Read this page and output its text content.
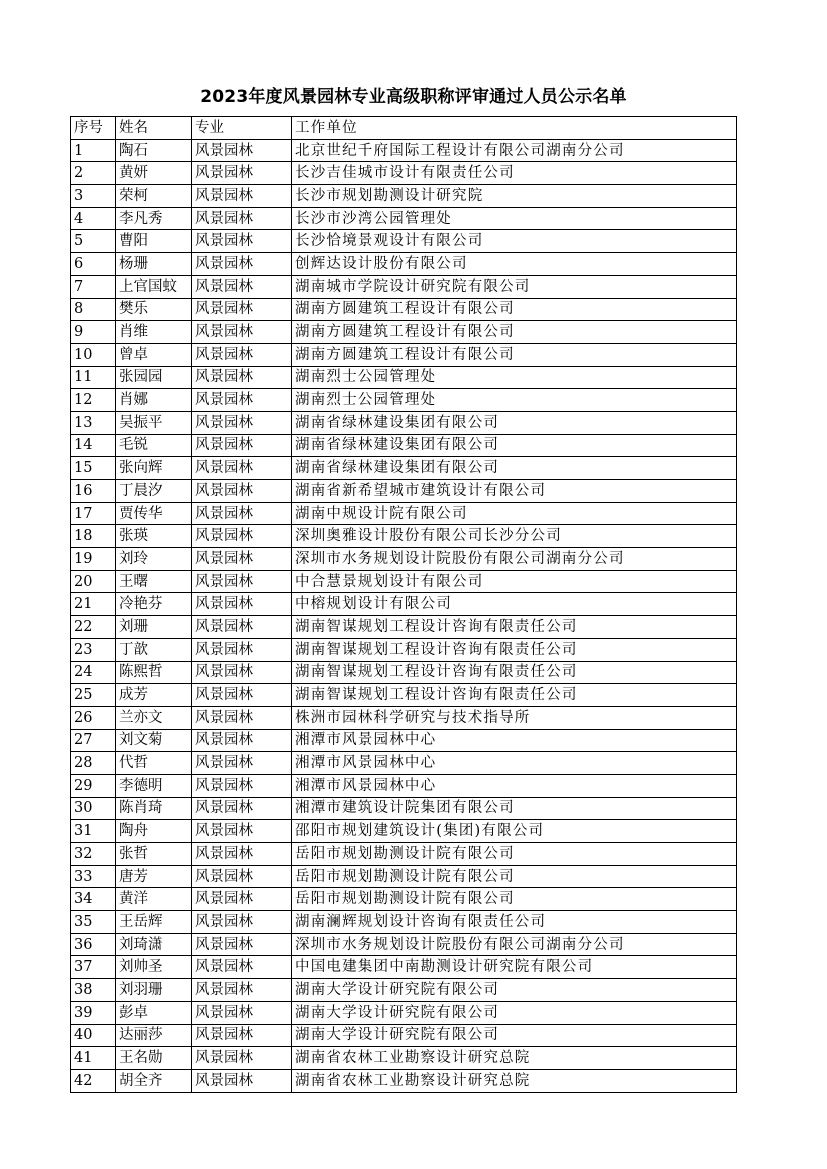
2023年度风景园林专业高级职称评审通过人员公示名单
序号	姓名	专业	工作单位
1	陶石	风景园林	北京世纪千府国际工程设计有限公司湖南分公司
2	黄妍	风景园林	长沙吉佳城市设计有限责任公司
3	荣柯	风景园林	长沙市规划勘测设计研究院
4	李凡秀	风景园林	长沙市沙湾公园管理处
5	曹阳	风景园林	长沙恰境景观设计有限公司
6	杨珊	风景园林	创辉达设计股份有限公司
7	上官国蚊	风景园林	湖南城市学院设计研究院有限公司
8	樊乐	风景园林	湖南方圆建筑工程设计有限公司
9	肖维	风景园林	湖南方圆建筑工程设计有限公司
10	曾卓	风景园林	湖南方圆建筑工程设计有限公司
11	张园园	风景园林	湖南烈士公园管理处
12	肖娜	风景园林	湖南烈士公园管理处
13	吴振平	风景园林	湖南省绿林建设集团有限公司
14	毛锐	风景园林	湖南省绿林建设集团有限公司
15	张向辉	风景园林	湖南省绿林建设集团有限公司
16	丁晨汐	风景园林	湖南省新希望城市建筑设计有限公司
17	贾传华	风景园林	湖南中规设计院有限公司
18	张瑛	风景园林	深圳奥雅设计股份有限公司长沙分公司
19	刘玲	风景园林	深圳市水务规划设计院股份有限公司湖南分公司
20	王曙	风景园林	中合慧景规划设计有限公司
21	冷艳芬	风景园林	中榕规划设计有限公司
22	刘珊	风景园林	湖南智谋规划工程设计咨询有限责任公司
23	丁歆	风景园林	湖南智谋规划工程设计咨询有限责任公司
24	陈熙哲	风景园林	湖南智谋规划工程设计咨询有限责任公司
25	成芳	风景园林	湖南智谋规划工程设计咨询有限责任公司
26	兰亦文	风景园林	株洲市园林科学研究与技术指导所
27	刘文菊	风景园林	湘潭市风景园林中心
28	代哲	风景园林	湘潭市风景园林中心
29	李德明	风景园林	湘潭市风景园林中心
30	陈肖琦	风景园林	湘潭市建筑设计院集团有限公司
31	陶舟	风景园林	邵阳市规划建筑设计(集团)有限公司
32	张哲	风景园林	岳阳市规划勘测设计院有限公司
33	唐芳	风景园林	岳阳市规划勘测设计院有限公司
34	黄洋	风景园林	岳阳市规划勘测设计院有限公司
35	王岳辉	风景园林	湖南澜辉规划设计咨询有限责任公司
36	刘琦潇	风景园林	深圳市水务规划设计院股份有限公司湖南分公司
37	刘帅圣	风景园林	中国电建集团中南勘测设计研究院有限公司
38	刘羽珊	风景园林	湖南大学设计研究院有限公司
39	彭卓	风景园林	湖南大学设计研究院有限公司
40	达丽莎	风景园林	湖南大学设计研究院有限公司
41	王名勋	风景园林	湖南省农林工业勘察设计研究总院
42	胡全齐	风景园林	湖南省农林工业勘察设计研究总院
